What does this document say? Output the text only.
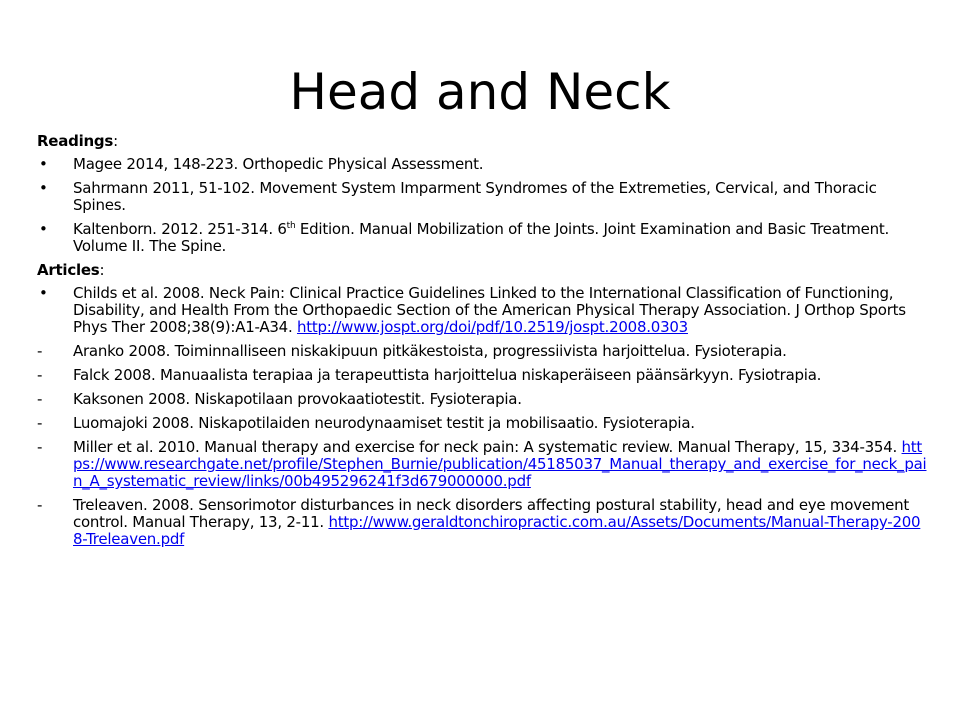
Head and Neck
Readings:
•	Magee 2014, 148-223. Orthopedic Physical Assessment.
•	Sahrmann 2011, 51-102. Movement System Imparment Syndromes of the Extremeties, Cervical, and Thoracic Spines.
•	Kaltenborn. 2012. 251-314. 6th Edition. Manual Mobilization of the Joints. Joint Examination and Basic Treatment. Volume II. The Spine.
Articles:
•	Childs et al. 2008. Neck Pain: Clinical Practice Guidelines Linked to the International Classification of Functioning, Disability, and Health From the Orthopaedic Section of the American Physical Therapy Association. J Orthop Sports Phys Ther 2008;38(9):A1-A34. http://www.jospt.org/doi/pdf/10.2519/jospt.2008.0303
-	Aranko 2008. Toiminnalliseen niskakipuun pitkäkestoista, progressiivista harjoittelua. Fysioterapia.
-	Falck 2008. Manuaalista terapiaa ja terapeuttista harjoittelua niskaperäiseen päänsärkyyn. Fysiotrapia.
-	Kaksonen 2008. Niskapotilaan provokaatiotestit. Fysioterapia.
-	Luomajoki 2008. Niskapotilaiden neurodynaamiset testit ja mobilisaatio. Fysioterapia.
-	Miller et al. 2010. Manual therapy and exercise for neck pain: A systematic review. Manual Therapy, 15, 334-354. https://www.researchgate.net/profile/Stephen_Burnie/publication/45185037_Manual_therapy_and_exercise_for_neck_pain_A_systematic_review/links/00b495296241f3d679000000.pdf
-	Treleaven. 2008. Sensorimotor disturbances in neck disorders affecting postural stability, head and eye movement control. Manual Therapy, 13, 2-11. http://www.geraldtonchiropractic.com.au/Assets/Documents/Manual-Therapy-2008-Treleaven.pdf
